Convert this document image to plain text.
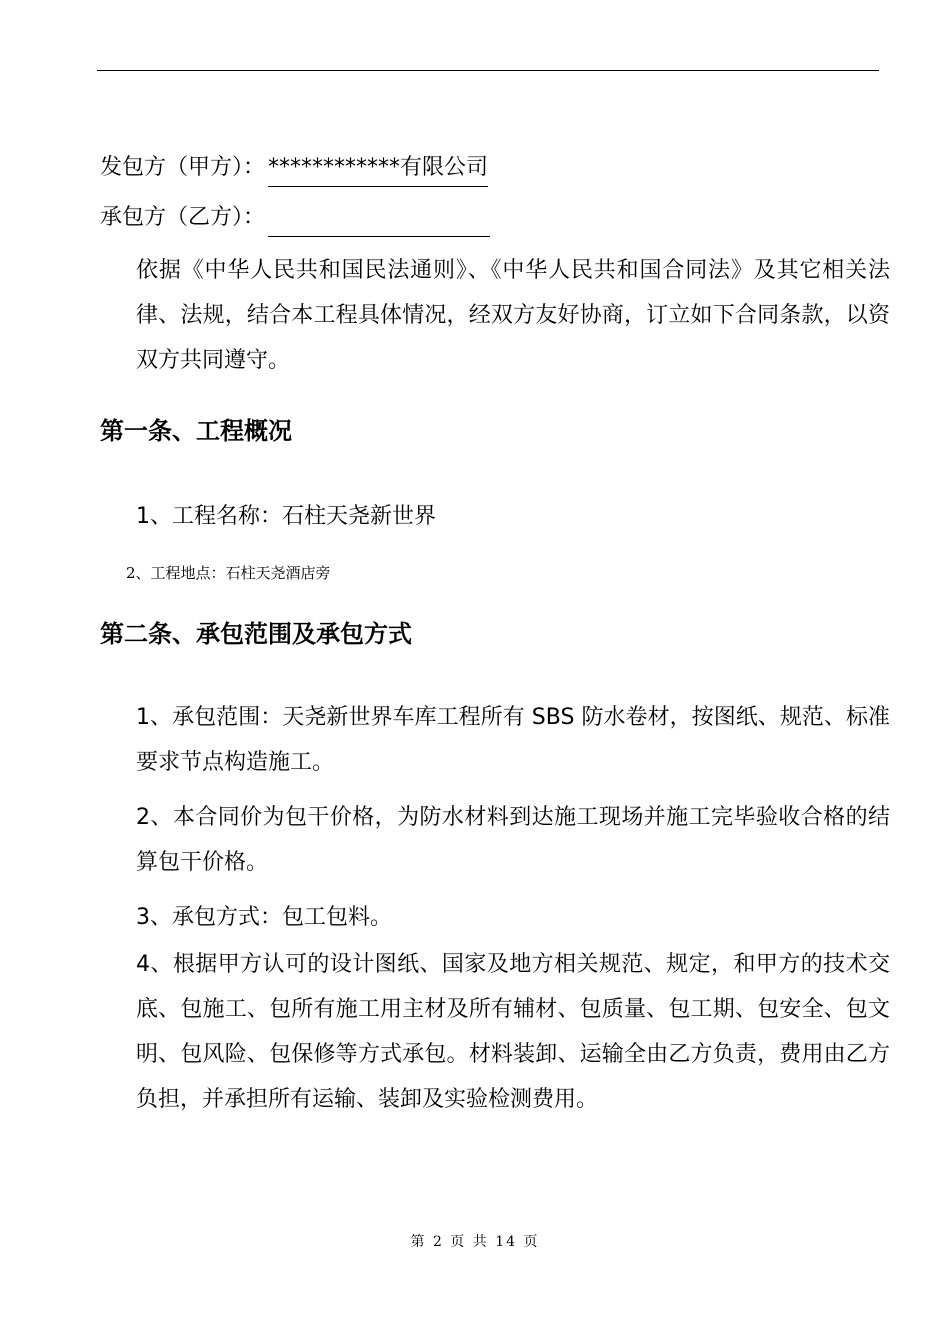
发包方（甲方）： ************有限公司
承包方（乙方）：
依据《中华人民共和国民法通则》、《中华人民共和国合同法》及其它相关法律、法规，结合本工程具体情况，经双方友好协商，订立如下合同条款，以资双方共同遵守。
第一条、工程概况
1、工程名称：石柱天尧新世界
2、工程地点：石柱天尧酒店旁
第二条、承包范围及承包方式
1、承包范围：天尧新世界车库工程所有 SBS 防水卷材，按图纸、规范、标准要求节点构造施工。
2、本合同价为包干价格，为防水材料到达施工现场并施工完毕验收合格的结算包干价格。
3、承包方式：包工包料。
4、根据甲方认可的设计图纸、国家及地方相关规范、规定，和甲方的技术交底、包施工、包所有施工用主材及所有辅材、包质量、包工期、包安全、包文明、包风险、包保修等方式承包。材料装卸、运输全由乙方负责，费用由乙方负担，并承担所有运输、装卸及实验检测费用。
第 2 页 共 14 页
